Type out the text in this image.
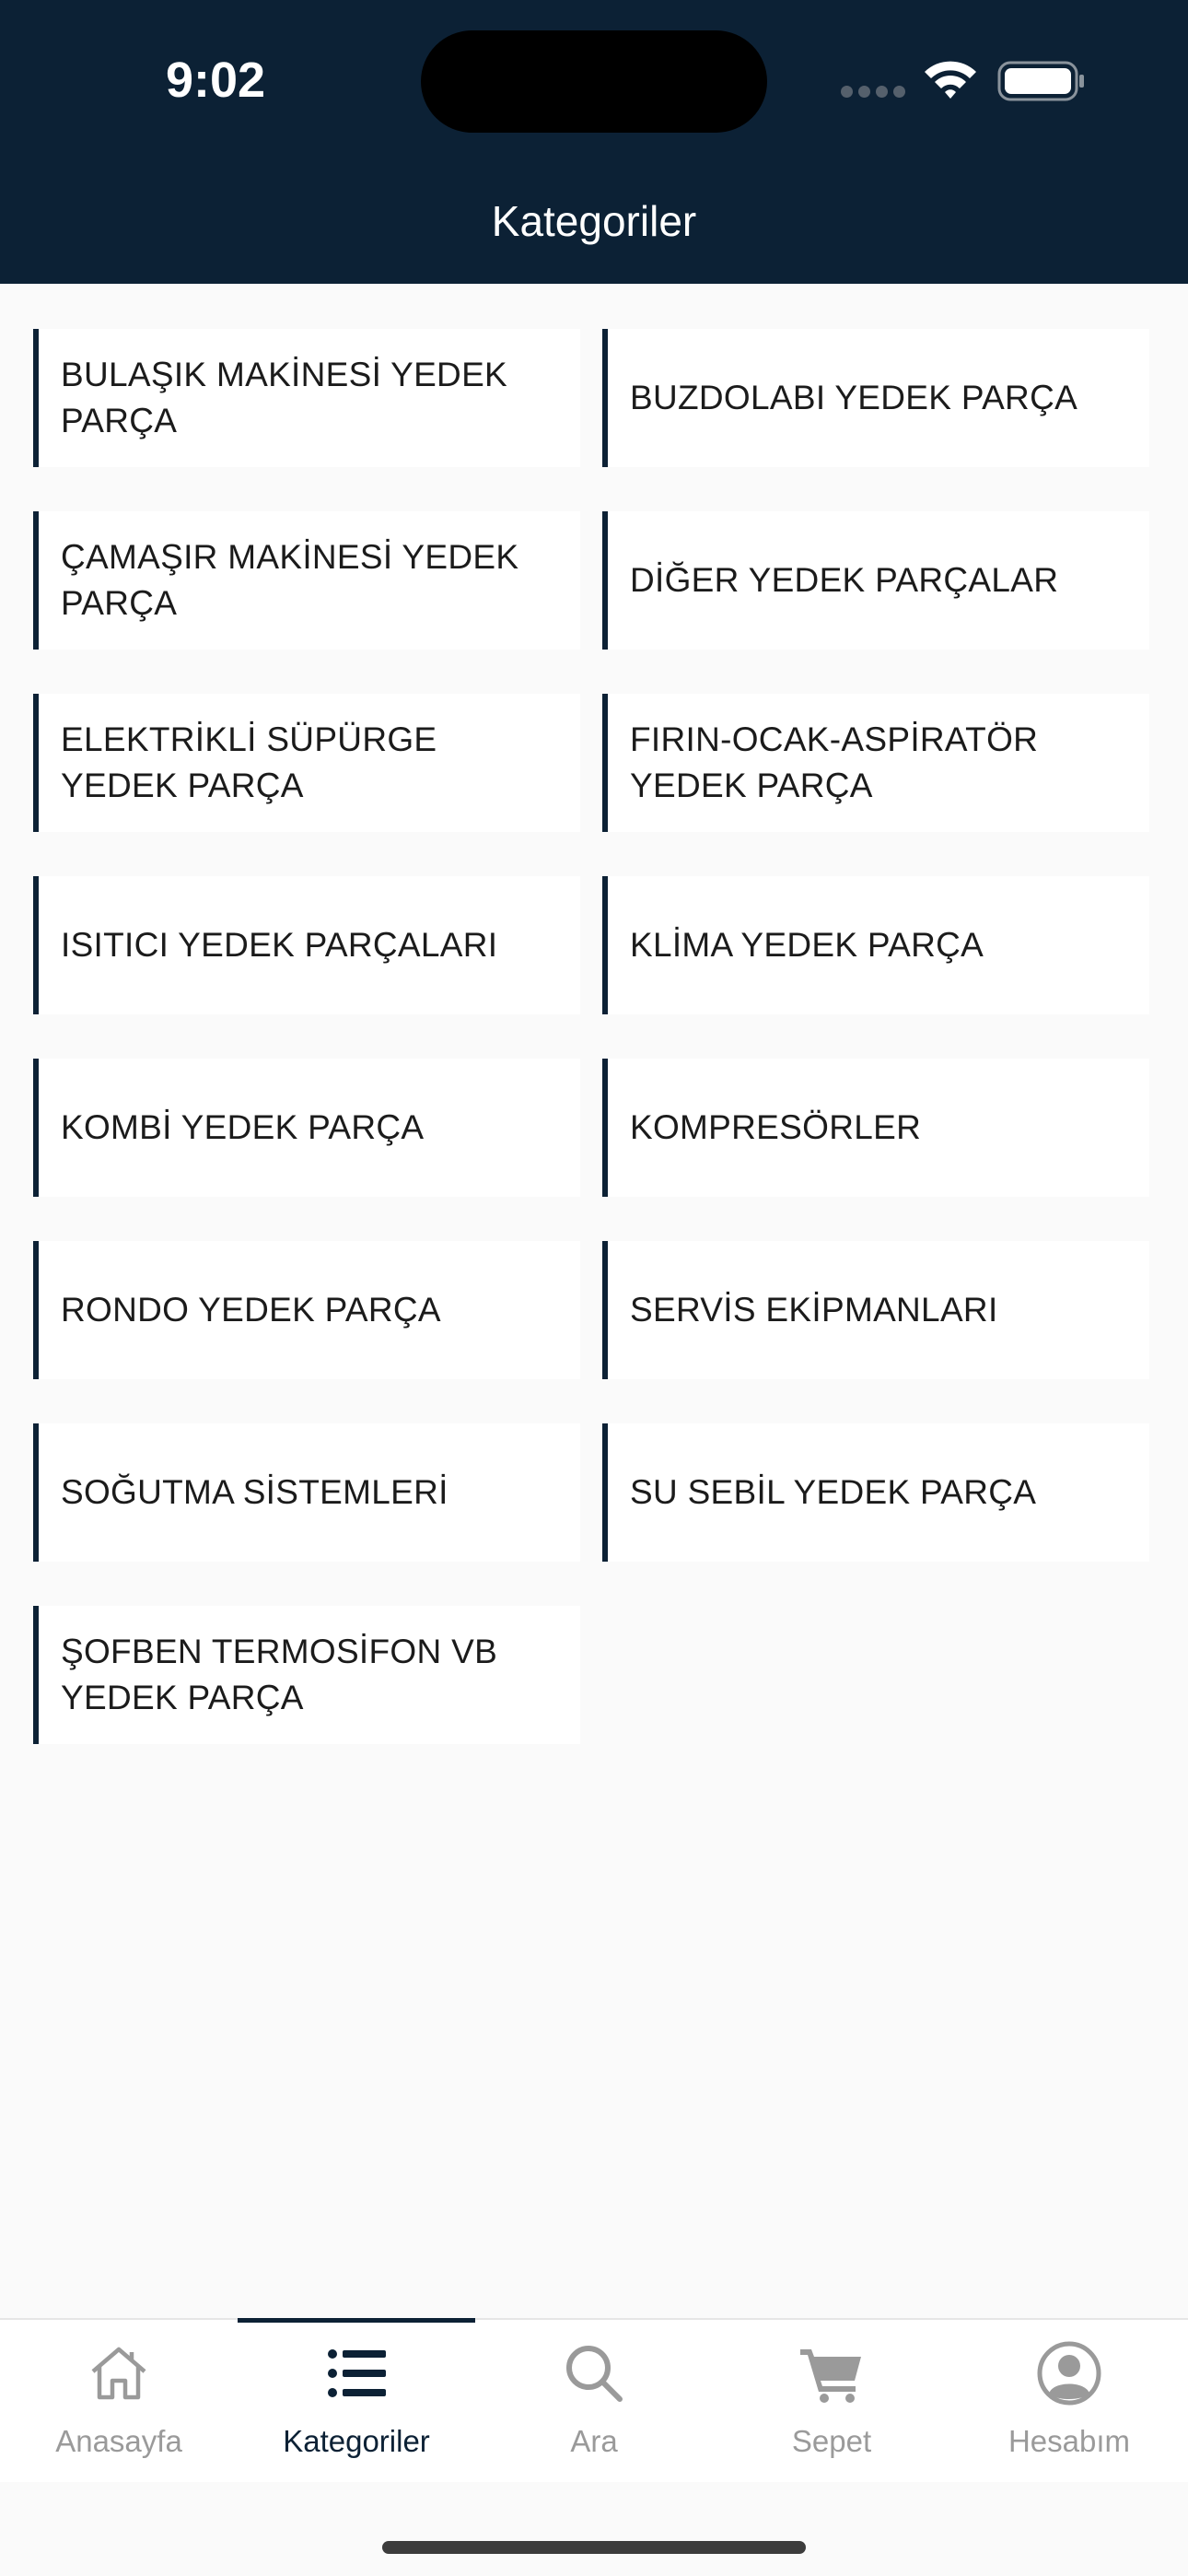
9:02
Kategoriler
BULAŞIK MAKİNESİ YEDEK PARÇA
BUZDOLABI YEDEK PARÇA
ÇAMAŞIR MAKİNESİ YEDEK PARÇA
DİĞER YEDEK PARÇALAR
ELEKTRİKLİ SÜPÜRGE YEDEK PARÇA
FIRIN-OCAK-ASPİRATÖR YEDEK PARÇA
ISITICI YEDEK PARÇALARI	KLİMA YEDEK PARÇA
KOMBİ YEDEK PARÇA	KOMPRESÖRLER
RONDO YEDEK PARÇA	SERVİS EKİPMANLARI
SOĞUTMA SİSTEMLERİ	SU SEBİL YEDEK PARÇA
ŞOFBEN TERMOSİFON VB YEDEK PARÇA
Anasayfa	Kategoriler	Ara	Sepet	Hesabım
